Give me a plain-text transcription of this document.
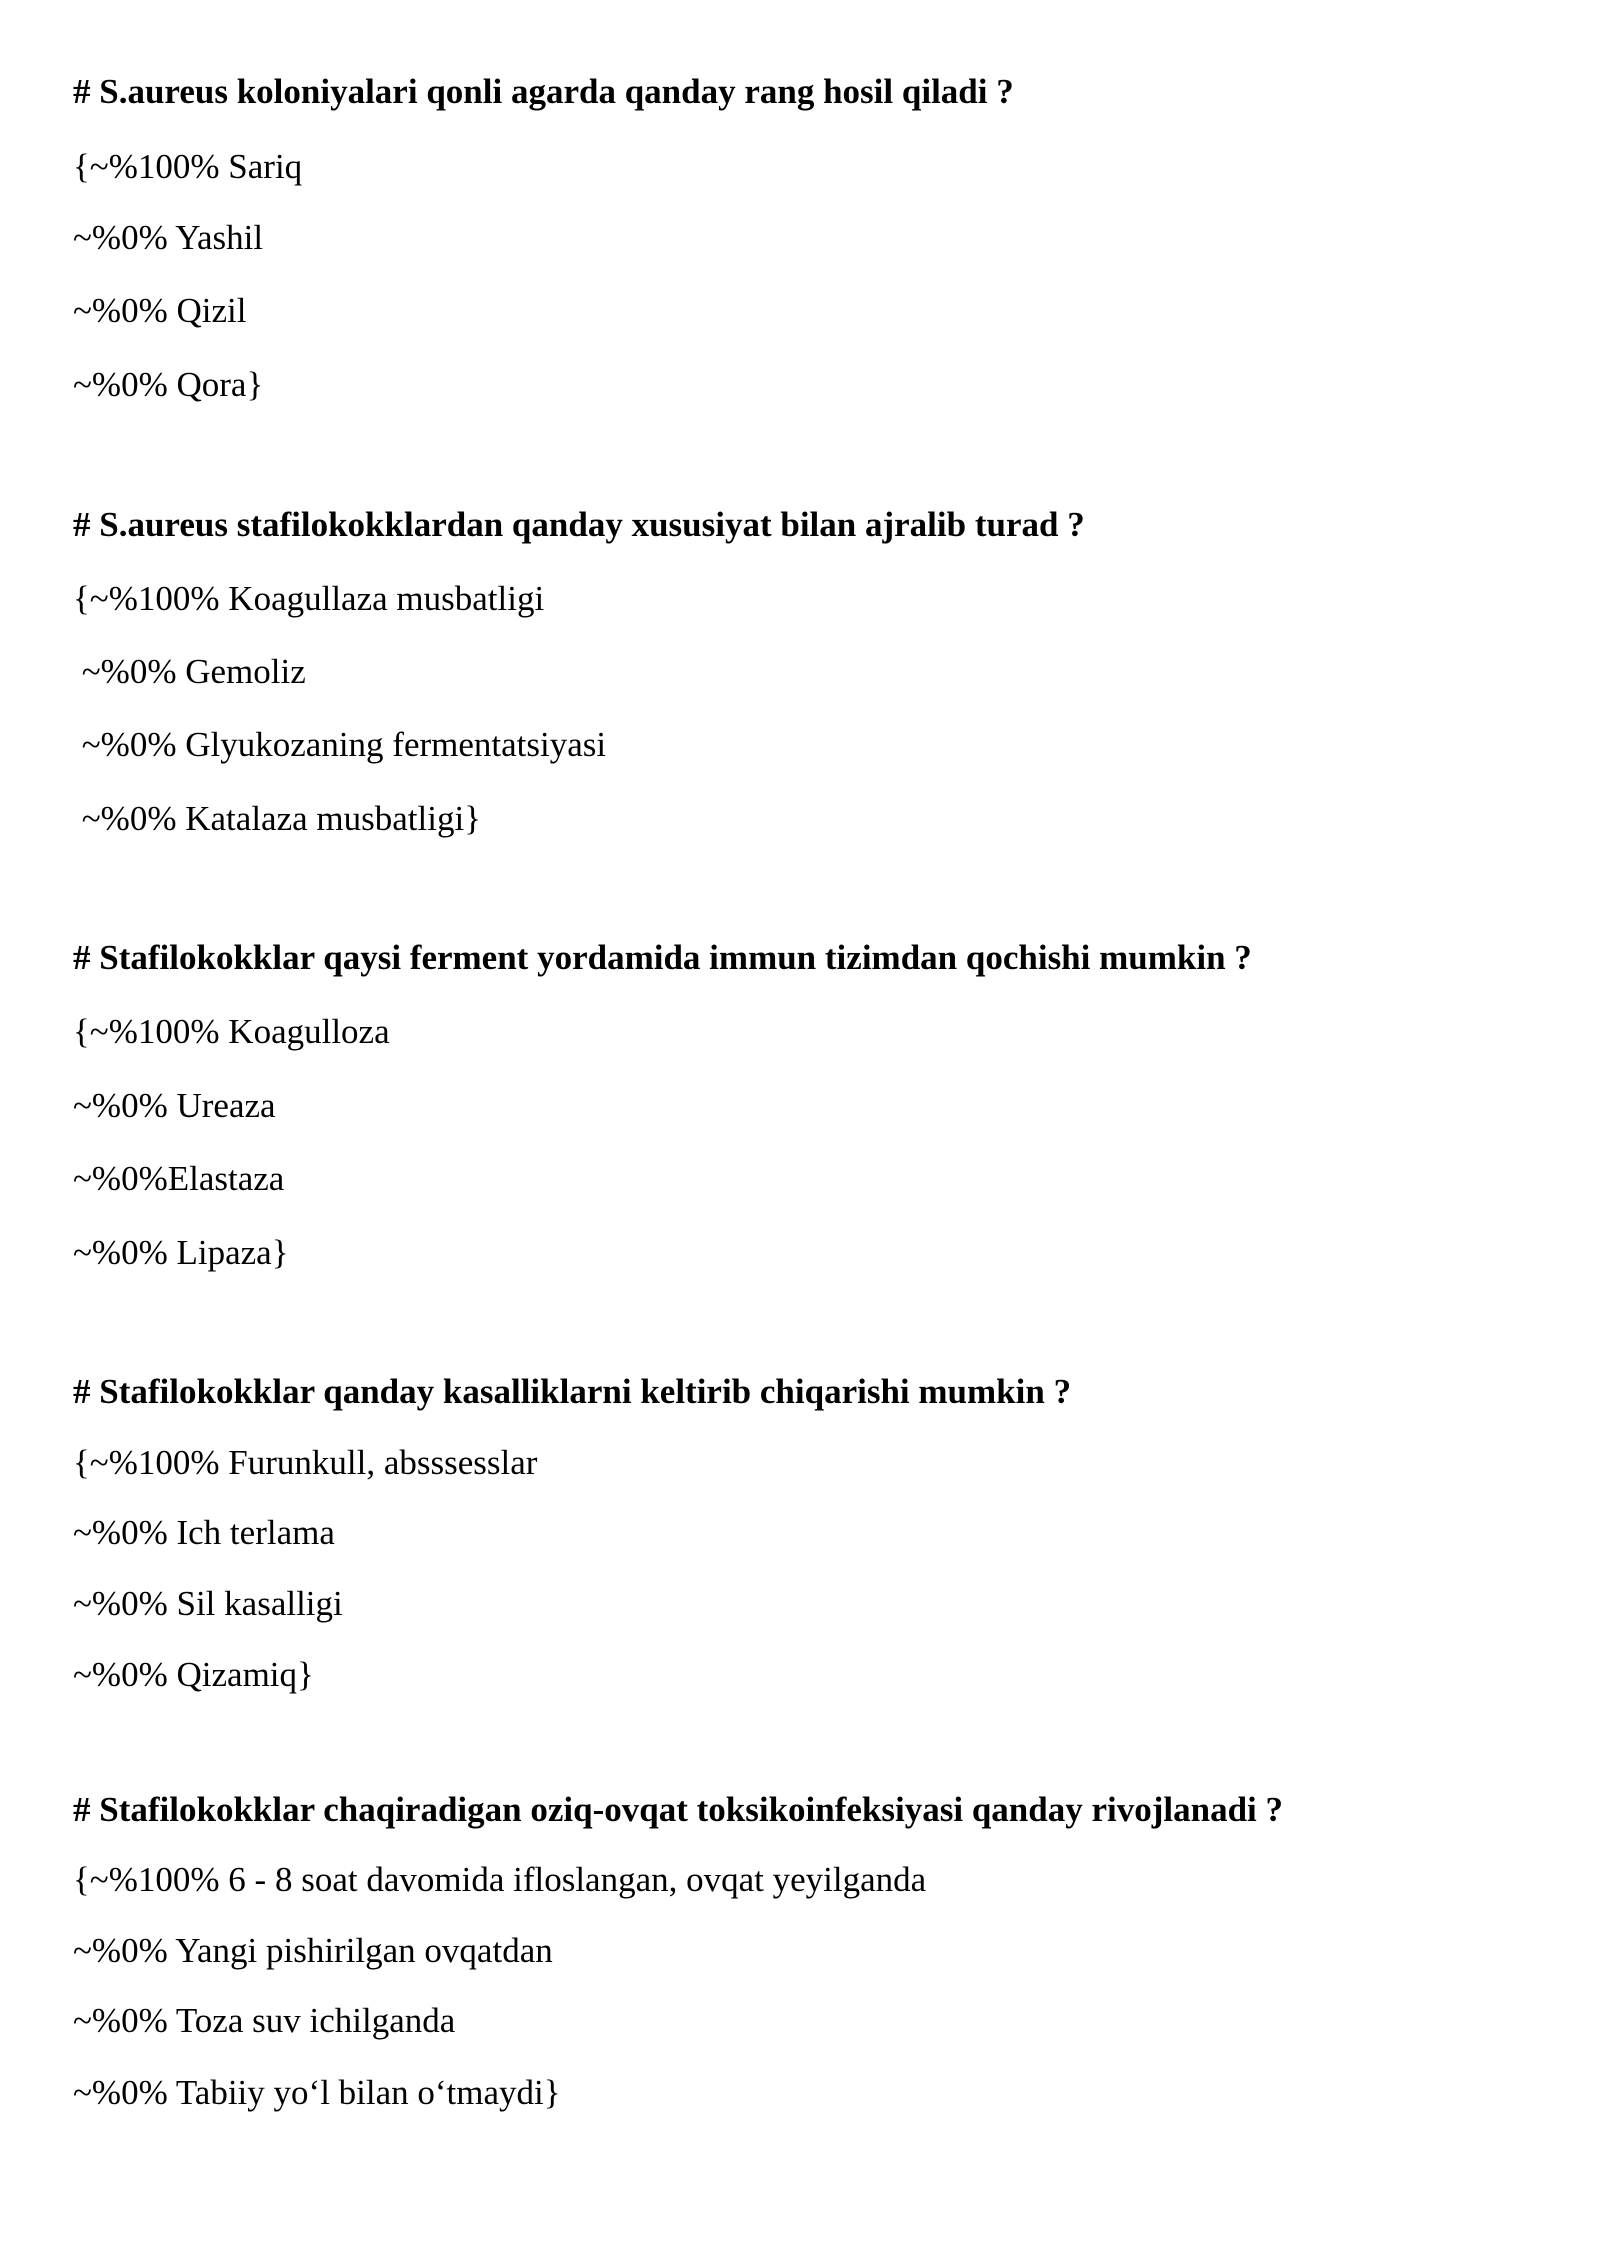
# S.aureus koloniyalari qonli agarda qanday rang hosil qiladi ?

{~%100% Sariq

~%0% Yashil

~%0% Qizil

~%0% Qora}

# S.aureus stafilokokklardan qanday xususiyat bilan ajralib turad ?

{~%100% Koagullaza musbatligi

~%0% Gemoliz

~%0% Glyukozaning fermentatsiyasi

~%0% Katalaza musbatligi}

# Stafilokokklar qaysi ferment yordamida immun tizimdan qochishi mumkin ?

{~%100% Koagulloza

~%0% Ureaza

~%0%Elastaza

~%0% Lipaza}

# Stafilokokklar qanday kasalliklarni keltirib chiqarishi mumkin ?

{~%100% Furunkull, absssesslar

~%0% Ich terlama

~%0% Sil kasalligi

~%0% Qizamiq}

# Stafilokokklar chaqiradigan oziq-ovqat toksikoinfeksiyasi qanday rivojlanadi ?

{~%100% 6 - 8 soat davomida ifloslangan, ovqat yeyilganda

~%0% Yangi pishirilgan ovqatdan

~%0% Toza suv ichilganda

~%0% Tabiiy yo‘l bilan o‘tmaydi}
